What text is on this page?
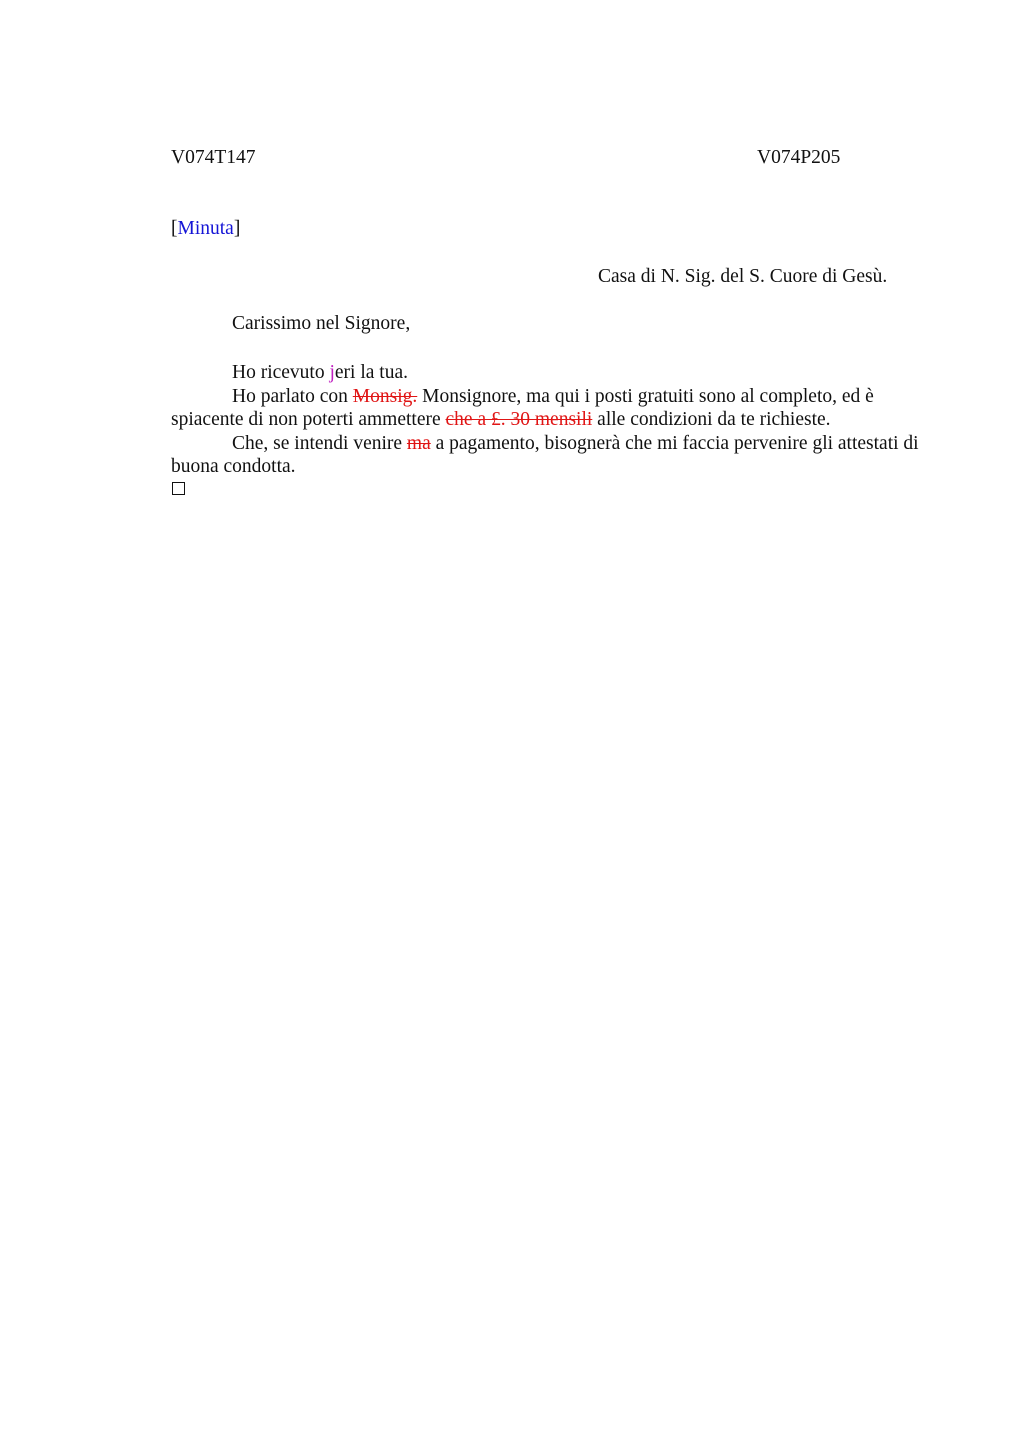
V074T147	V074P205
[Minuta]
Casa di N. Sig. del S. Cuore di Gesù.
Carissimo nel Signore,

Ho ricevuto jeri la tua.

Ho parlato con Monsig. Monsignore, ma qui i posti gratuiti sono al completo, ed è spiacente di non poterti ammettere che a £. 30 mensili alle condizioni da te richieste.

Che, se intendi venire ma a pagamento, bisognerà che mi faccia pervenire gli attestati di buona condotta.
